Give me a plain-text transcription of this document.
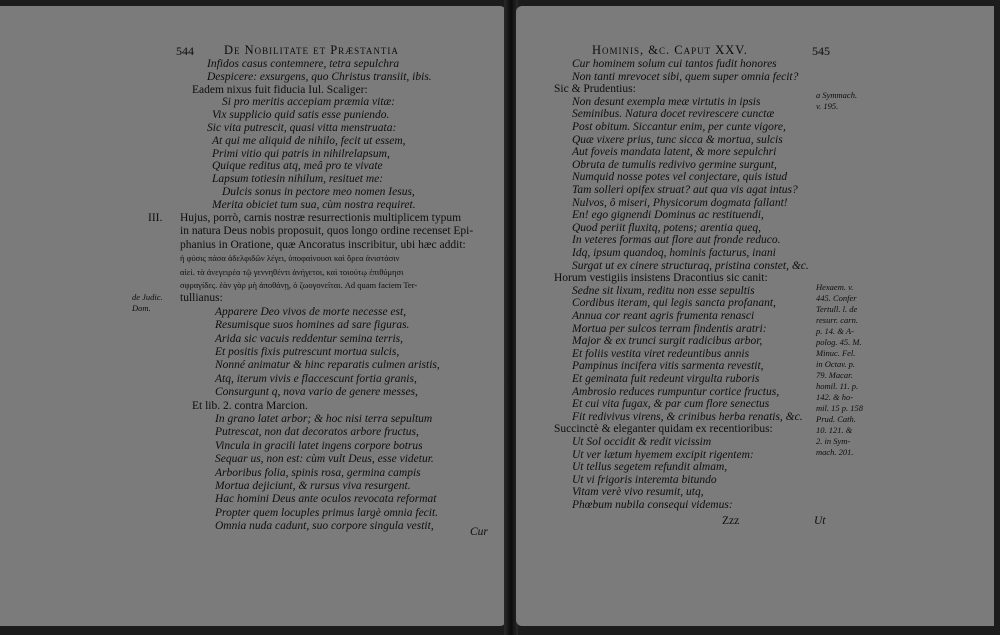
544 De Nobilitate et Præstantia
Infidos casus contemnere, tetra sepulchra
Despicere: exsurgens, quo Christus transiit, ibis.
Eadem nixus fuit fiducia Iul. Scaliger:
Si pro meritis accepiam præmia vitæ:
Vix supplicio quid satis esse puniendo.
Sic vita putrescit, quasi vitta menstruata:
At qui me aliquid de nihilo, fecit ut essem,
Primi vitio qui patris in nihilrelapsum,
Quique reditus atq, meâ pro te vivate
Lapsum totiesin nihilum, resituet me:
Dulcis sonus in pectore meo nomen Iesus,
Merita obiciet tum sua, cùm nostra requiret.
Hujus, porrò, carnis nostræ resurrectionis multiplicem typum
in natura Deus nobis proposuit, quos longo ordine recenset Epi-
phanius in Oratione, quæ Ancoratus inscribitur, ubi hæc addit:
ἡ φύσις πάσα ἀδελφιδῶν λέγει, ὑποφαίνουσι καὶ ὄρεα ἀνιστάσιν
αἰεί. τὰ ἀνεγειρέα τῷ γεννηθέντι ἀνήγετοι, καὶ τοιούτῳ ἐπιθύμησι
σφραγίδες. ἐὰν γὰρ μὴ ἀποθάνῃ, ὁ ζωογονεῖται. Ad quam faciem Ter-
tullianus:
Apparere Deo vivos de morte necesse est,
Resumisque suos homines ad sare figuras.
Arida sic vacuis reddentur semina terris,
Et positis fixis putrescunt mortua sulcis,
Nonné animatur & hinc reparatis culmen aristis,
Atq, iterum vivis e flaccescunt fortia granis,
Consurgunt q, nova vario de genere messes,
Et lib. 2. contra Marcion.
In grano latet arbor; & hoc nisi terra sepultum
Putrescat, non dat decoratos arbore fructus,
Vincula in gracili latet ingens corpore botrus
Sequar us, non est: cùm vult Deus, esse videtur.
Arboribus folia, spinis rosa, germina campis
Mortua dejiciunt, & rursus viva resurgent.
Hac homini Deus ante oculos revocata reformat
Propter quem locuples primus largè omnia fecit.
Omnia nuda cadunt, suo corpore singula vestit,
III.
de Judic.
Dom.
Cur
Hominis, &c. Caput XXV.	545
Cur hominem solum cui tantos fudit honores
Non tanti mrevocet sibi, quem super omnia fecit?
Sic & Prudentius:
Non desunt exempla meæ virtutis in ipsis
Seminibus. Natura docet revirescere cunctæ
Post obitum. Siccantur enim, per cunte vigore,
Quæ vixere prius, tunc sicca & mortua, sulcis
Aut foveis mandata latent, & more sepulchri
Obruta de tumulis redivivo germine surgunt,
Numquid nosse potes vel conjectare, quis istud
Tam solleri opifex struat? aut qua vis agat intus?
Nulvos, ô miseri, Physicorum dogmata fallant!
En! ego gignendi Dominus ac restituendi,
Quod periit fluxitq, potens; arentia queq,
In veteres formas aut flore aut fronde reduco.
Idq, ipsum quandoq, hominis facturus, inani
Surgat ut ex cinere structuraq, pristina constet, &c.
Horum vestigiis insistens Dracontius sic canit:
Sedne sit lixum, reditu non esse sepultis
Cordibus iteram, qui legis sancta profanant,
Annua cor reant agris frumenta renasci
Mortua per sulcos terram findentis aratri:
Major & ex trunci surgit radicibus arbor,
Et foliis vestita viret redeuntibus annis
Pampinus incifera vitis sarmenta revestit,
Et geminata fuit redeunt virgulta ruboris
Ambrosio reduces rumpuntur cortice fructus,
Et cui vita fugax, & par cum flore senectus
Fit redivivus virens, & crinibus herba renatis, &c.
Succinctè & eleganter quidam ex recentioribus:
Ut Sol occidit & redit vicissim
Ut ver lætum hyemem excipit rigentem:
Ut tellus segetem refundit almam,
Ut vi frigoris interemta bitundo
Vitam verè vivo resumit, utq,
Phœbum nubila consequi videmus:
a Symmach.
v. 195.
Hexaem. v.
445. Confer
Tertull. l. de
resurr. carn.
p. 14. & A-
polog. 45. M.
Minuc. Fel.
in Octav. p.
79. Macar.
homil. 11. p.
142. & ho-
mil. 15 p. 158
Prud. Cath.
10. 121. &
2. in Sym-
mach. 201.
Zzz	Ut
